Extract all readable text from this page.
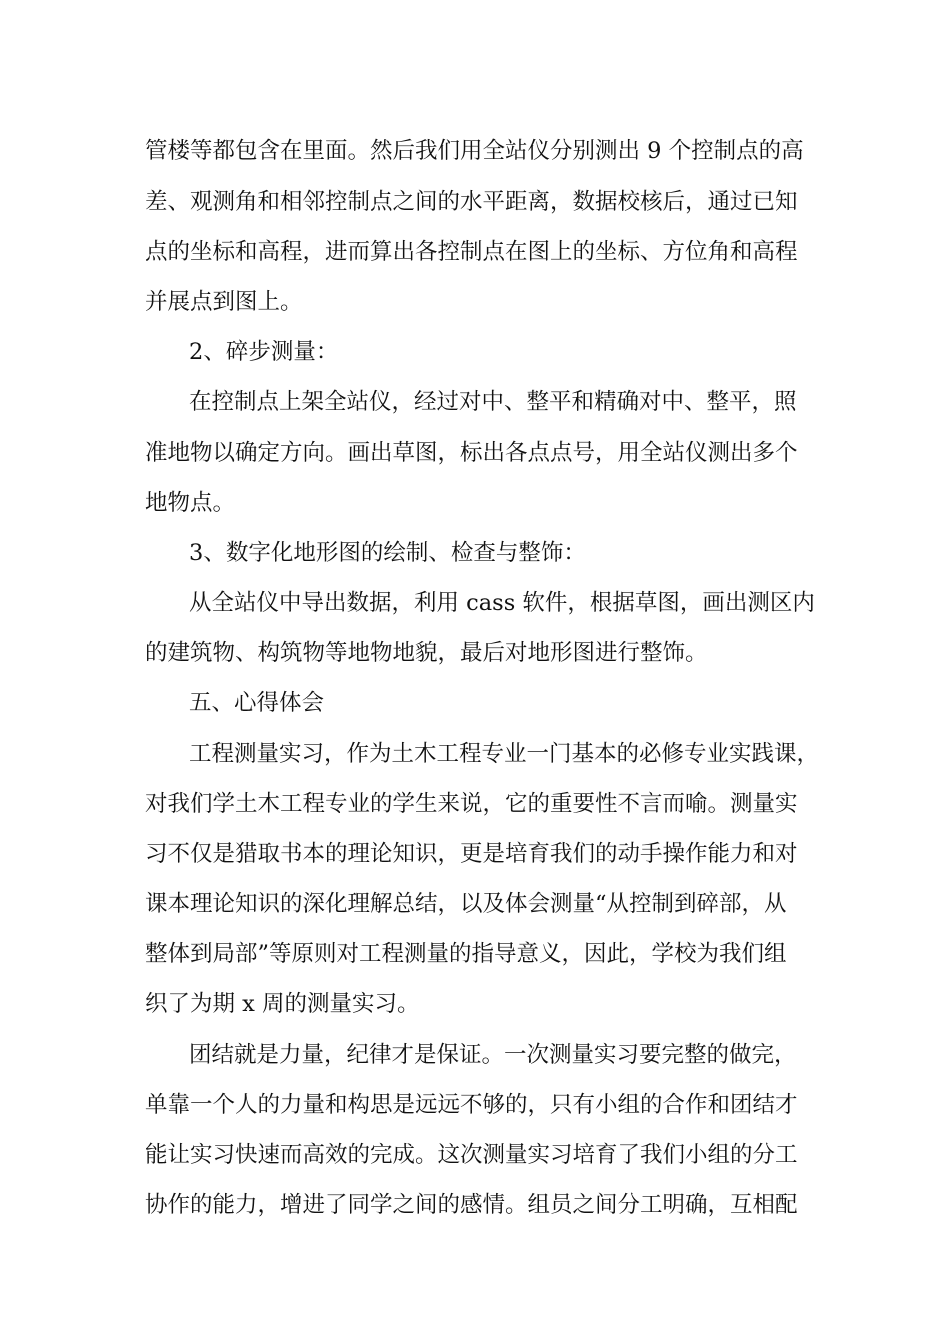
管楼等都包含在里面。然后我们用全站仪分别测出 9 个控制点的高
差、观测角和相邻控制点之间的水平距离，数据校核后，通过已知
点的坐标和高程，进而算出各控制点在图上的坐标、方位角和高程
并展点到图上。
2、碎步测量：
在控制点上架全站仪，经过对中、整平和精确对中、整平，照
准地物以确定方向。画出草图，标出各点点号，用全站仪测出多个
地物点。
3、数字化地形图的绘制、检查与整饰：
从全站仪中导出数据，利用 cass 软件，根据草图，画出测区内
的建筑物、构筑物等地物地貌，最后对地形图进行整饰。
五、心得体会
工程测量实习，作为土木工程专业一门基本的必修专业实践课，
对我们学土木工程专业的学生来说，它的重要性不言而喻。测量实
习不仅是猎取书本的理论知识，更是培育我们的动手操作能力和对
课本理论知识的深化理解总结，以及体会测量“从控制到碎部，从
整体到局部”等原则对工程测量的指导意义，因此，学校为我们组
织了为期 x 周的测量实习。
团结就是力量，纪律才是保证。一次测量实习要完整的做完，
单靠一个人的力量和构思是远远不够的，只有小组的合作和团结才
能让实习快速而高效的完成。这次测量实习培育了我们小组的分工
协作的能力，增进了同学之间的感情。组员之间分工明确，互相配
